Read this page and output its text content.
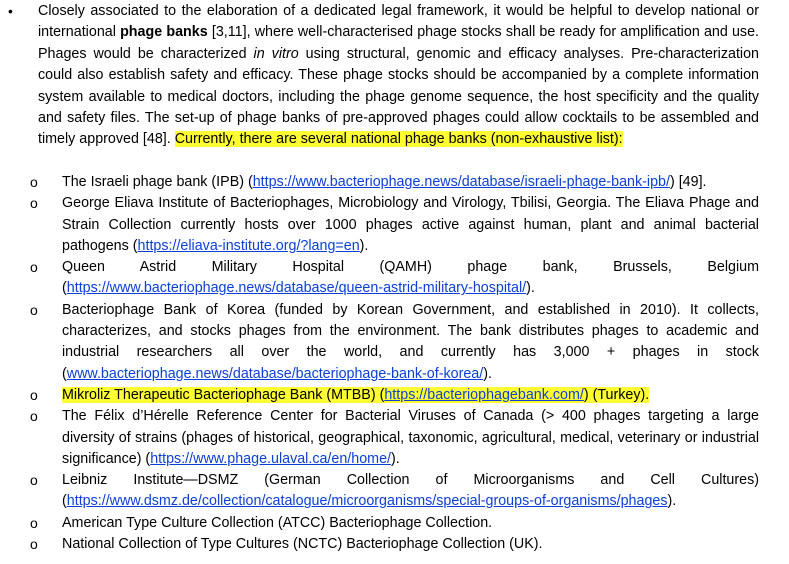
• Closely associated to the elaboration of a dedicated legal framework, it would be helpful to develop national or international phage banks [3,11], where well-characterised phage stocks shall be ready for amplification and use. Phages would be characterized in vitro using structural, genomic and efficacy analyses. Pre-characterization could also establish safety and efficacy. These phage stocks should be accompanied by a complete information system available to medical doctors, including the phage genome sequence, the host specificity and the quality and safety files. The set-up of phage banks of pre-approved phages could allow cocktails to be assembled and timely approved [48]. Currently, there are several national phage banks (non-exhaustive list):
o The Israeli phage bank (IPB) (https://www.bacteriophage.news/database/israeli-phage-bank-ipb/) [49].
o George Eliava Institute of Bacteriophages, Microbiology and Virology, Tbilisi, Georgia. The Eliava Phage and Strain Collection currently hosts over 1000 phages active against human, plant and animal bacterial pathogens (https://eliava-institute.org/?lang=en).
o Queen Astrid Military Hospital (QAMH) phage bank, Brussels, Belgium (https://www.bacteriophage.news/database/queen-astrid-military-hospital/).
o Bacteriophage Bank of Korea (funded by Korean Government, and established in 2010). It collects, characterizes, and stocks phages from the environment. The bank distributes phages to academic and industrial researchers all over the world, and currently has 3,000 + phages in stock (www.bacteriophage.news/database/bacteriophage-bank-of-korea/).
o Mikroliz Therapeutic Bacteriophage Bank (MTBB) (https://bacteriophagebank.com/) (Turkey).
o The Félix d’Hérelle Reference Center for Bacterial Viruses of Canada (> 400 phages targeting a large diversity of strains (phages of historical, geographical, taxonomic, agricultural, medical, veterinary or industrial significance) (https://www.phage.ulaval.ca/en/home/).
o Leibniz Institute—DSMZ (German Collection of Microorganisms and Cell Cultures) (https://www.dsmz.de/collection/catalogue/microorganisms/special-groups-of-organisms/phages).
o American Type Culture Collection (ATCC) Bacteriophage Collection.
o National Collection of Type Cultures (NCTC) Bacteriophage Collection (UK).
